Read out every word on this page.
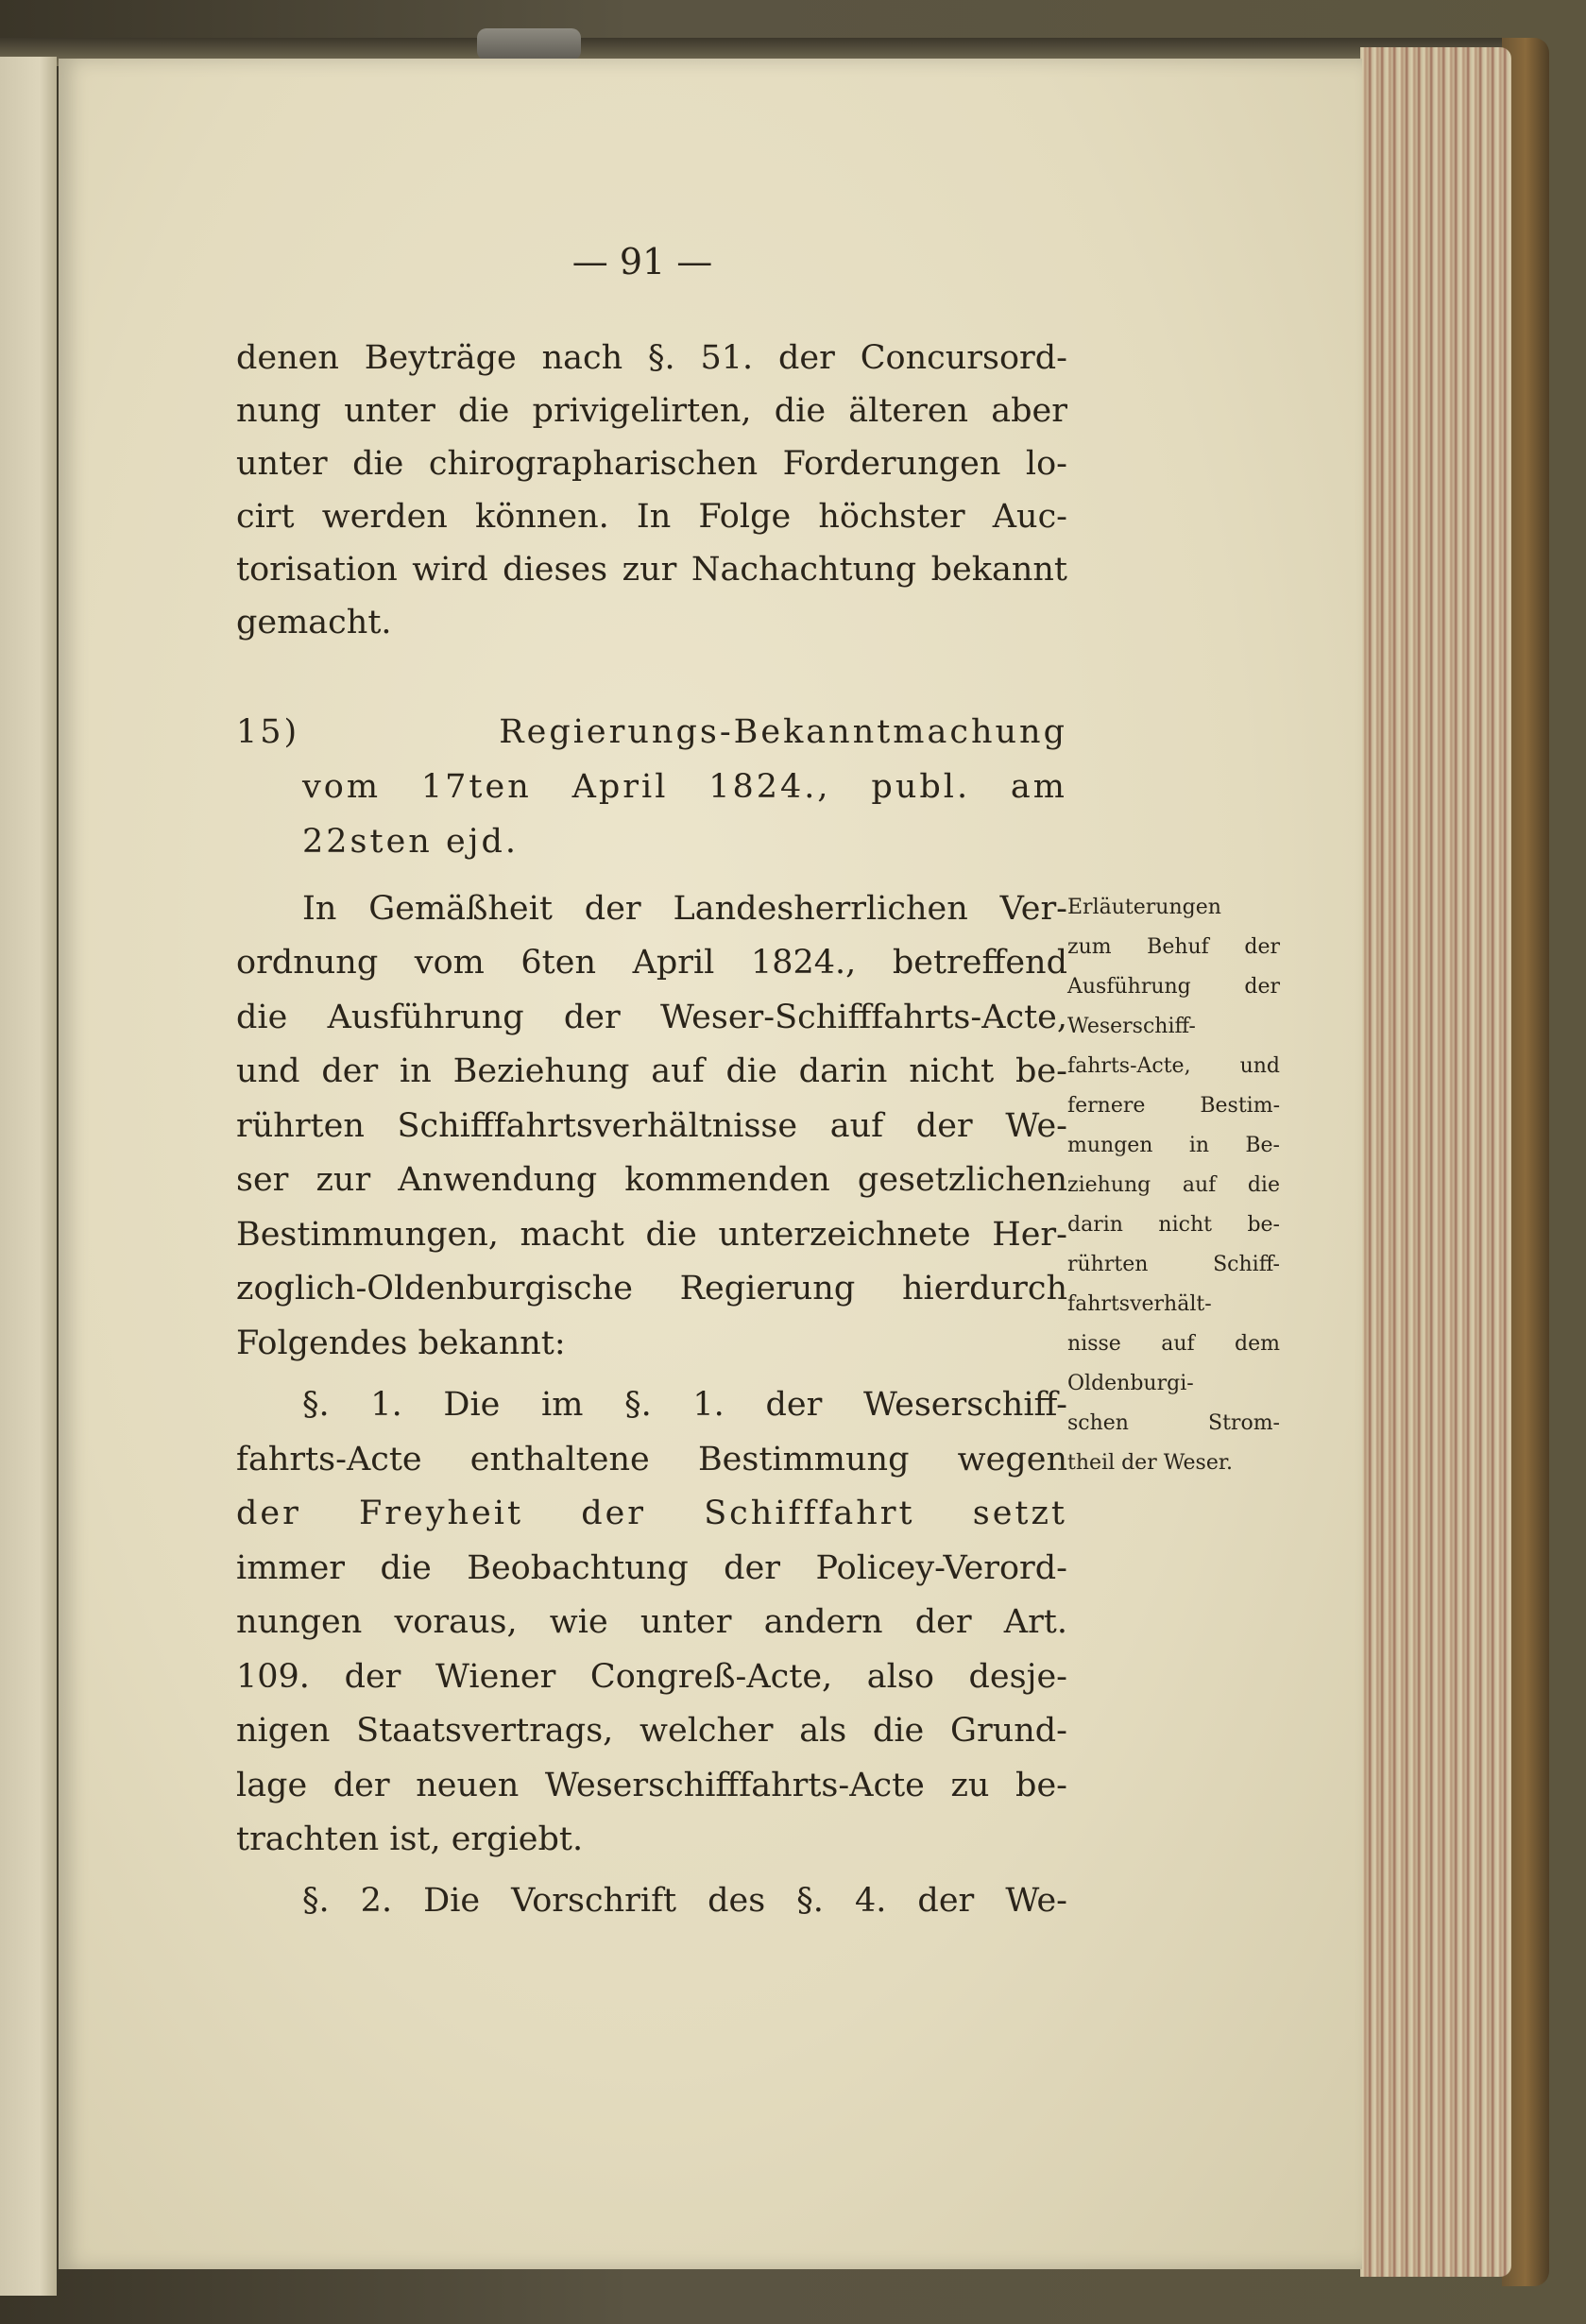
— 91 —
denen Beyträge nach §. 51. der Concursord-
nung unter die privigelirten, die älteren aber
unter die chirographarischen Forderungen lo-
cirt werden können. In Folge höchster Auc-
torisation wird dieses zur Nachachtung bekannt
gemacht.
15) Regierungs-Bekanntmachung
vom 17ten April 1824., publ. am
22sten ejd.
In Gemäßheit der Landesherrlichen Ver-
ordnung vom 6ten April 1824., betreffend
die Ausführung der Weser-Schifffahrts-Acte,
und der in Beziehung auf die darin nicht be-
rührten Schifffahrtsverhältnisse auf der We-
ser zur Anwendung kommenden gesetzlichen
Bestimmungen, macht die unterzeichnete Her-
zoglich-Oldenburgische Regierung hierdurch
Folgendes bekannt:
§. 1. Die im §. 1. der Weserschiff-
fahrts-Acte enthaltene Bestimmung wegen
der Freyheit der Schifffahrt setzt
immer die Beobachtung der Policey-Verord-
nungen voraus, wie unter andern der Art.
109. der Wiener Congreß-Acte, also desje-
nigen Staatsvertrags, welcher als die Grund-
lage der neuen Weserschifffahrts-Acte zu be-
trachten ist, ergiebt.
§. 2. Die Vorschrift des §. 4. der We-
Erläuterungen
zum Behuf der
Ausführung der
Weserschiff-
fahrts-Acte, und
fernere Bestim-
mungen in Be-
ziehung auf die
darin nicht be-
rührten Schiff-
fahrtsverhält-
nisse auf dem
Oldenburgi-
schen Strom-
theil der Weser.
